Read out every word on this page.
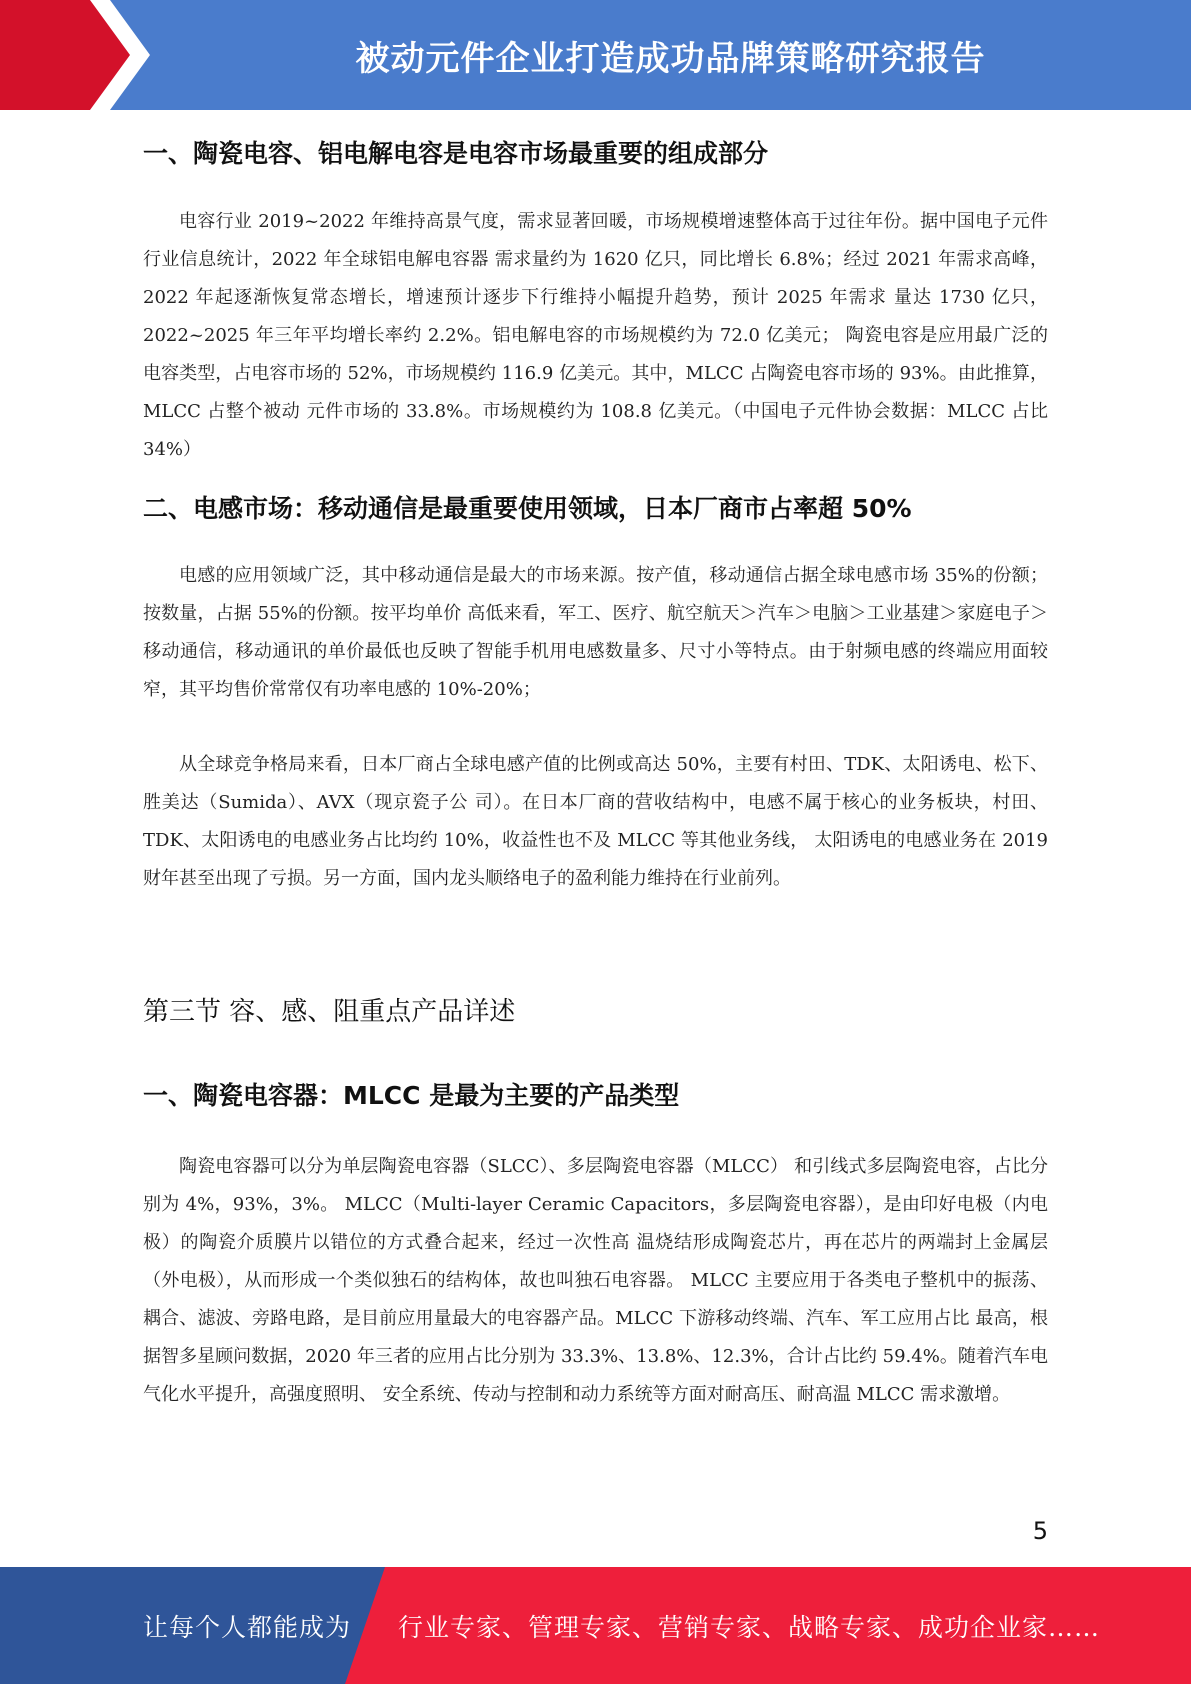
被动元件企业打造成功品牌策略研究报告
一、陶瓷电容、铝电解电容是电容市场最重要的组成部分

电容行业 2019~2022 年维持高景气度，需求显著回暖，市场规模增速整体高于过往年份。据中国电子元件行业信息统计，2022 年全球铝电解电容器 需求量约为 1620 亿只，同比增长 6.8%；经过 2021 年需求高峰，2022 年起逐渐恢复常态增长，增速预计逐步下行维持小幅提升趋势，预计 2025 年需求 量达 1730 亿只，2022~2025 年三年平均增长率约 2.2%。铝电解电容的市场规模约为 72.0 亿美元； 陶瓷电容是应用最广泛的电容类型，占电容市场的 52%，市场规模约 116.9 亿美元。其中，MLCC 占陶瓷电容市场的 93%。由此推算，MLCC 占整个被动 元件市场的 33.8%。市场规模约为 108.8 亿美元。（中国电子元件协会数据：MLCC 占比 34%）

二、电感市场：移动通信是最重要使用领域，日本厂商市占率超 50%

电感的应用领域广泛，其中移动通信是最大的市场来源。按产值，移动通信占据全球电感市场 35%的份额；按数量，占据 55%的份额。按平均单价 高低来看，军工、医疗、航空航天＞汽车＞电脑＞工业基建＞家庭电子＞移动通信，移动通讯的单价最低也反映了智能手机用电感数量多、尺寸小等特点。由于射频电感的终端应用面较窄，其平均售价常常仅有功率电感的 10%-20%；

从全球竞争格局来看，日本厂商占全球电感产值的比例或高达 50%，主要有村田、TDK、太阳诱电、松下、胜美达（Sumida）、AVX（现京瓷子公 司）。在日本厂商的营收结构中，电感不属于核心的业务板块，村田、TDK、太阳诱电的电感业务占比均约 10%，收益性也不及 MLCC 等其他业务线， 太阳诱电的电感业务在 2019 财年甚至出现了亏损。另一方面，国内龙头顺络电子的盈利能力维持在行业前列。

第三节 容、感、阻重点产品详述
一、陶瓷电容器：MLCC 是最为主要的产品类型

陶瓷电容器可以分为单层陶瓷电容器（SLCC）、多层陶瓷电容器（MLCC） 和引线式多层陶瓷电容，占比分别为 4%，93%，3%。 MLCC（Multi-layer Ceramic Capacitors，多层陶瓷电容器），是由印好电极（内电极）的陶瓷介质膜片以错位的方式叠合起来，经过一次性高 温烧结形成陶瓷芯片，再在芯片的两端封上金属层（外电极），从而形成一个类似独石的结构体，故也叫独石电容器。 MLCC 主要应用于各类电子整机中的振荡、耦合、滤波、旁路电路，是目前应用量最大的电容器产品。MLCC 下游移动终端、汽车、军工应用占比 最高，根据智多星顾问数据，2020 年三者的应用占比分别为 33.3%、13.8%、12.3%，合计占比约 59.4%。随着汽车电气化水平提升，高强度照明、 安全系统、传动与控制和动力系统等方面对耐高压、耐高温 MLCC 需求激增。

5
让每个人都能成为 行业专家、管理专家、营销专家、战略专家、成功企业家……
